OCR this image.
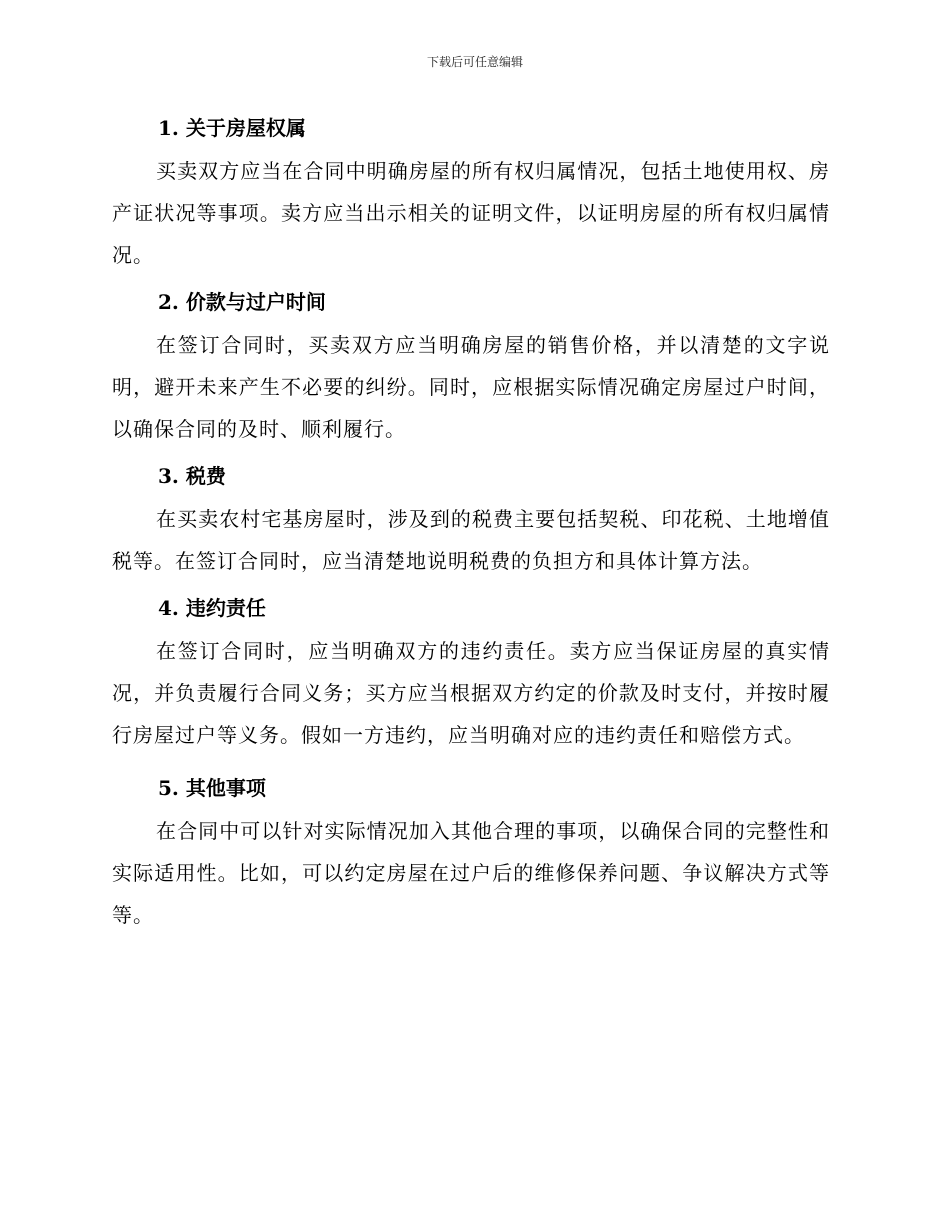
下载后可任意编辑
1. 关于房屋权属

买卖双方应当在合同中明确房屋的所有权归属情况，包括土地使用权、房产证状况等事项。卖方应当出示相关的证明文件，以证明房屋的所有权归属情况。

2. 价款与过户时间

在签订合同时，买卖双方应当明确房屋的销售价格，并以清楚的文字说明，避开未来产生不必要的纠纷。同时，应根据实际情况确定房屋过户时间，以确保合同的及时、顺利履行。

3. 税费

在买卖农村宅基房屋时，涉及到的税费主要包括契税、印花税、土地增值税等。在签订合同时，应当清楚地说明税费的负担方和具体计算方法。

4. 违约责任

在签订合同时，应当明确双方的违约责任。卖方应当保证房屋的真实情况，并负责履行合同义务；买方应当根据双方约定的价款及时支付，并按时履行房屋过户等义务。假如一方违约，应当明确对应的违约责任和赔偿方式。

5. 其他事项

在合同中可以针对实际情况加入其他合理的事项，以确保合同的完整性和实际适用性。比如，可以约定房屋在过户后的维修保养问题、争议解决方式等等。
